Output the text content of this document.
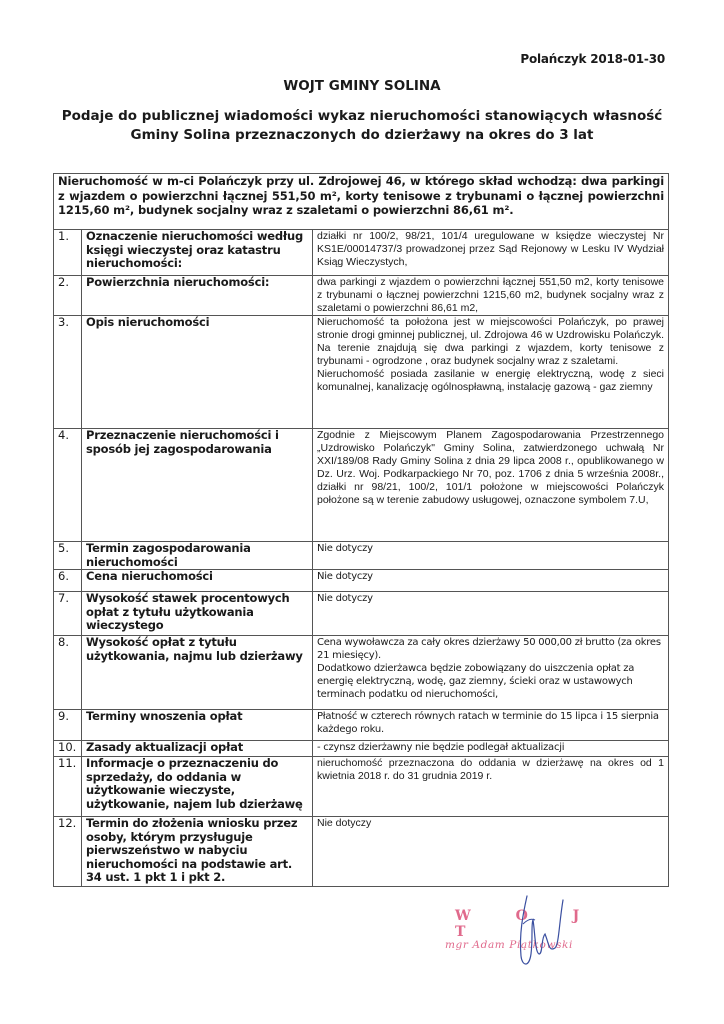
Polańczyk 2018-01-30
WOJT GMINY SOLINA
Podaje do publicznej wiadomości wykaz nieruchomości stanowiących własność
Gminy Solina przeznaczonych do dzierżawy na okres do 3 lat
Nieruchomość w m-ci Polańczyk przy ul. Zdrojowej 46, w którego skład wchodzą: dwa parkingi z wjazdem o powierzchni łącznej 551,50 m², korty tenisowe z trybunami o łącznej powierzchni 1215,60 m², budynek socjalny wraz z szaletami o powierzchni 86,61 m².		
1.	Oznaczenie nieruchomości według księgi wieczystej oraz katastru nieruchomości:	działki nr 100/2, 98/21, 101/4 uregulowane w księdze wieczystej Nr KS1E/00014737/3 prowadzonej przez Sąd Rejonowy w Lesku IV Wydział Ksiąg Wieczystych,

2.	Powierzchnia nieruchomości:	dwa parkingi z wjazdem o powierzchni łącznej 551,50 m2, korty tenisowe z trybunami o łącznej powierzchni 1215,60 m2, budynek socjalny wraz z szaletami o powierzchni 86,61 m2,

3.	Opis nieruchomości	Nieruchomość ta położona jest w miejscowości Polańczyk, po prawej stronie drogi gminnej publicznej, ul. Zdrojowa 46 w Uzdrowisku Polańczyk. Na terenie znajdują się dwa parkingi z wjazdem, korty tenisowe z trybunami - ogrodzone , oraz budynek socjalny wraz z szaletami.
Nieruchomość posiada zasilanie w energię elektryczną, wodę z sieci komunalnej, kanalizację ogólnospławną, instalację gazową - gaz ziemny

4.	Przeznaczenie nieruchomości i sposób jej zagospodarowania	Zgodnie z Miejscowym Planem Zagospodarowania Przestrzennego „Uzdrowisko Polańczyk" Gminy Solina, zatwierdzonego uchwałą Nr XXI/189/08 Rady Gminy Solina z dnia 29 lipca 2008 r., opublikowanego w Dz. Urz. Woj. Podkarpackiego Nr 70, poz. 1706 z dnia 5 września 2008r., działki nr 98/21, 100/2, 101/1 położone w miejscowości Polańczyk położone są w terenie zabudowy usługowej, oznaczone symbolem 7.U,

5.	Termin zagospodarowania nieruchomości	Nie dotyczy

6.	Cena nieruchomości	Nie dotyczy

7.	Wysokość stawek procentowych opłat z tytułu użytkowania wieczystego	Nie dotyczy

8.	Wysokość opłat z tytułu użytkowania, najmu lub dzierżawy	Cena wywoławcza za cały okres dzierżawy 50 000,00 zł brutto (za okres 21 miesięcy).
Dodatkowo dzierżawca będzie zobowiązany do uiszczenia opłat za energię elektryczną, wodę, gaz ziemny, ścieki oraz w ustawowych terminach podatku od nieruchomości,

9.	Terminy wnoszenia opłat	Płatność w czterech równych ratach w terminie do 15 lipca i 15 sierpnia każdego roku.

10.	Zasady aktualizacji opłat	- czynsz dzierżawny nie będzie podlegał aktualizacji

11.	Informacje o przeznaczeniu do sprzedaży, do oddania w użytkowanie wieczyste, użytkowanie, najem lub dzierżawę	nieruchomość przeznaczona do oddania w dzierżawę na okres od 1 kwietnia 2018 r. do 31 grudnia 2019 r.

12.	Termin do złożenia wniosku przez osoby, którym przysługuje pierwszeństwo w nabyciu nieruchomości na podstawie art. 34 ust. 1 pkt 1 i pkt 2.	Nie dotyczy
W O J T
mgr Adam Piątkowski
